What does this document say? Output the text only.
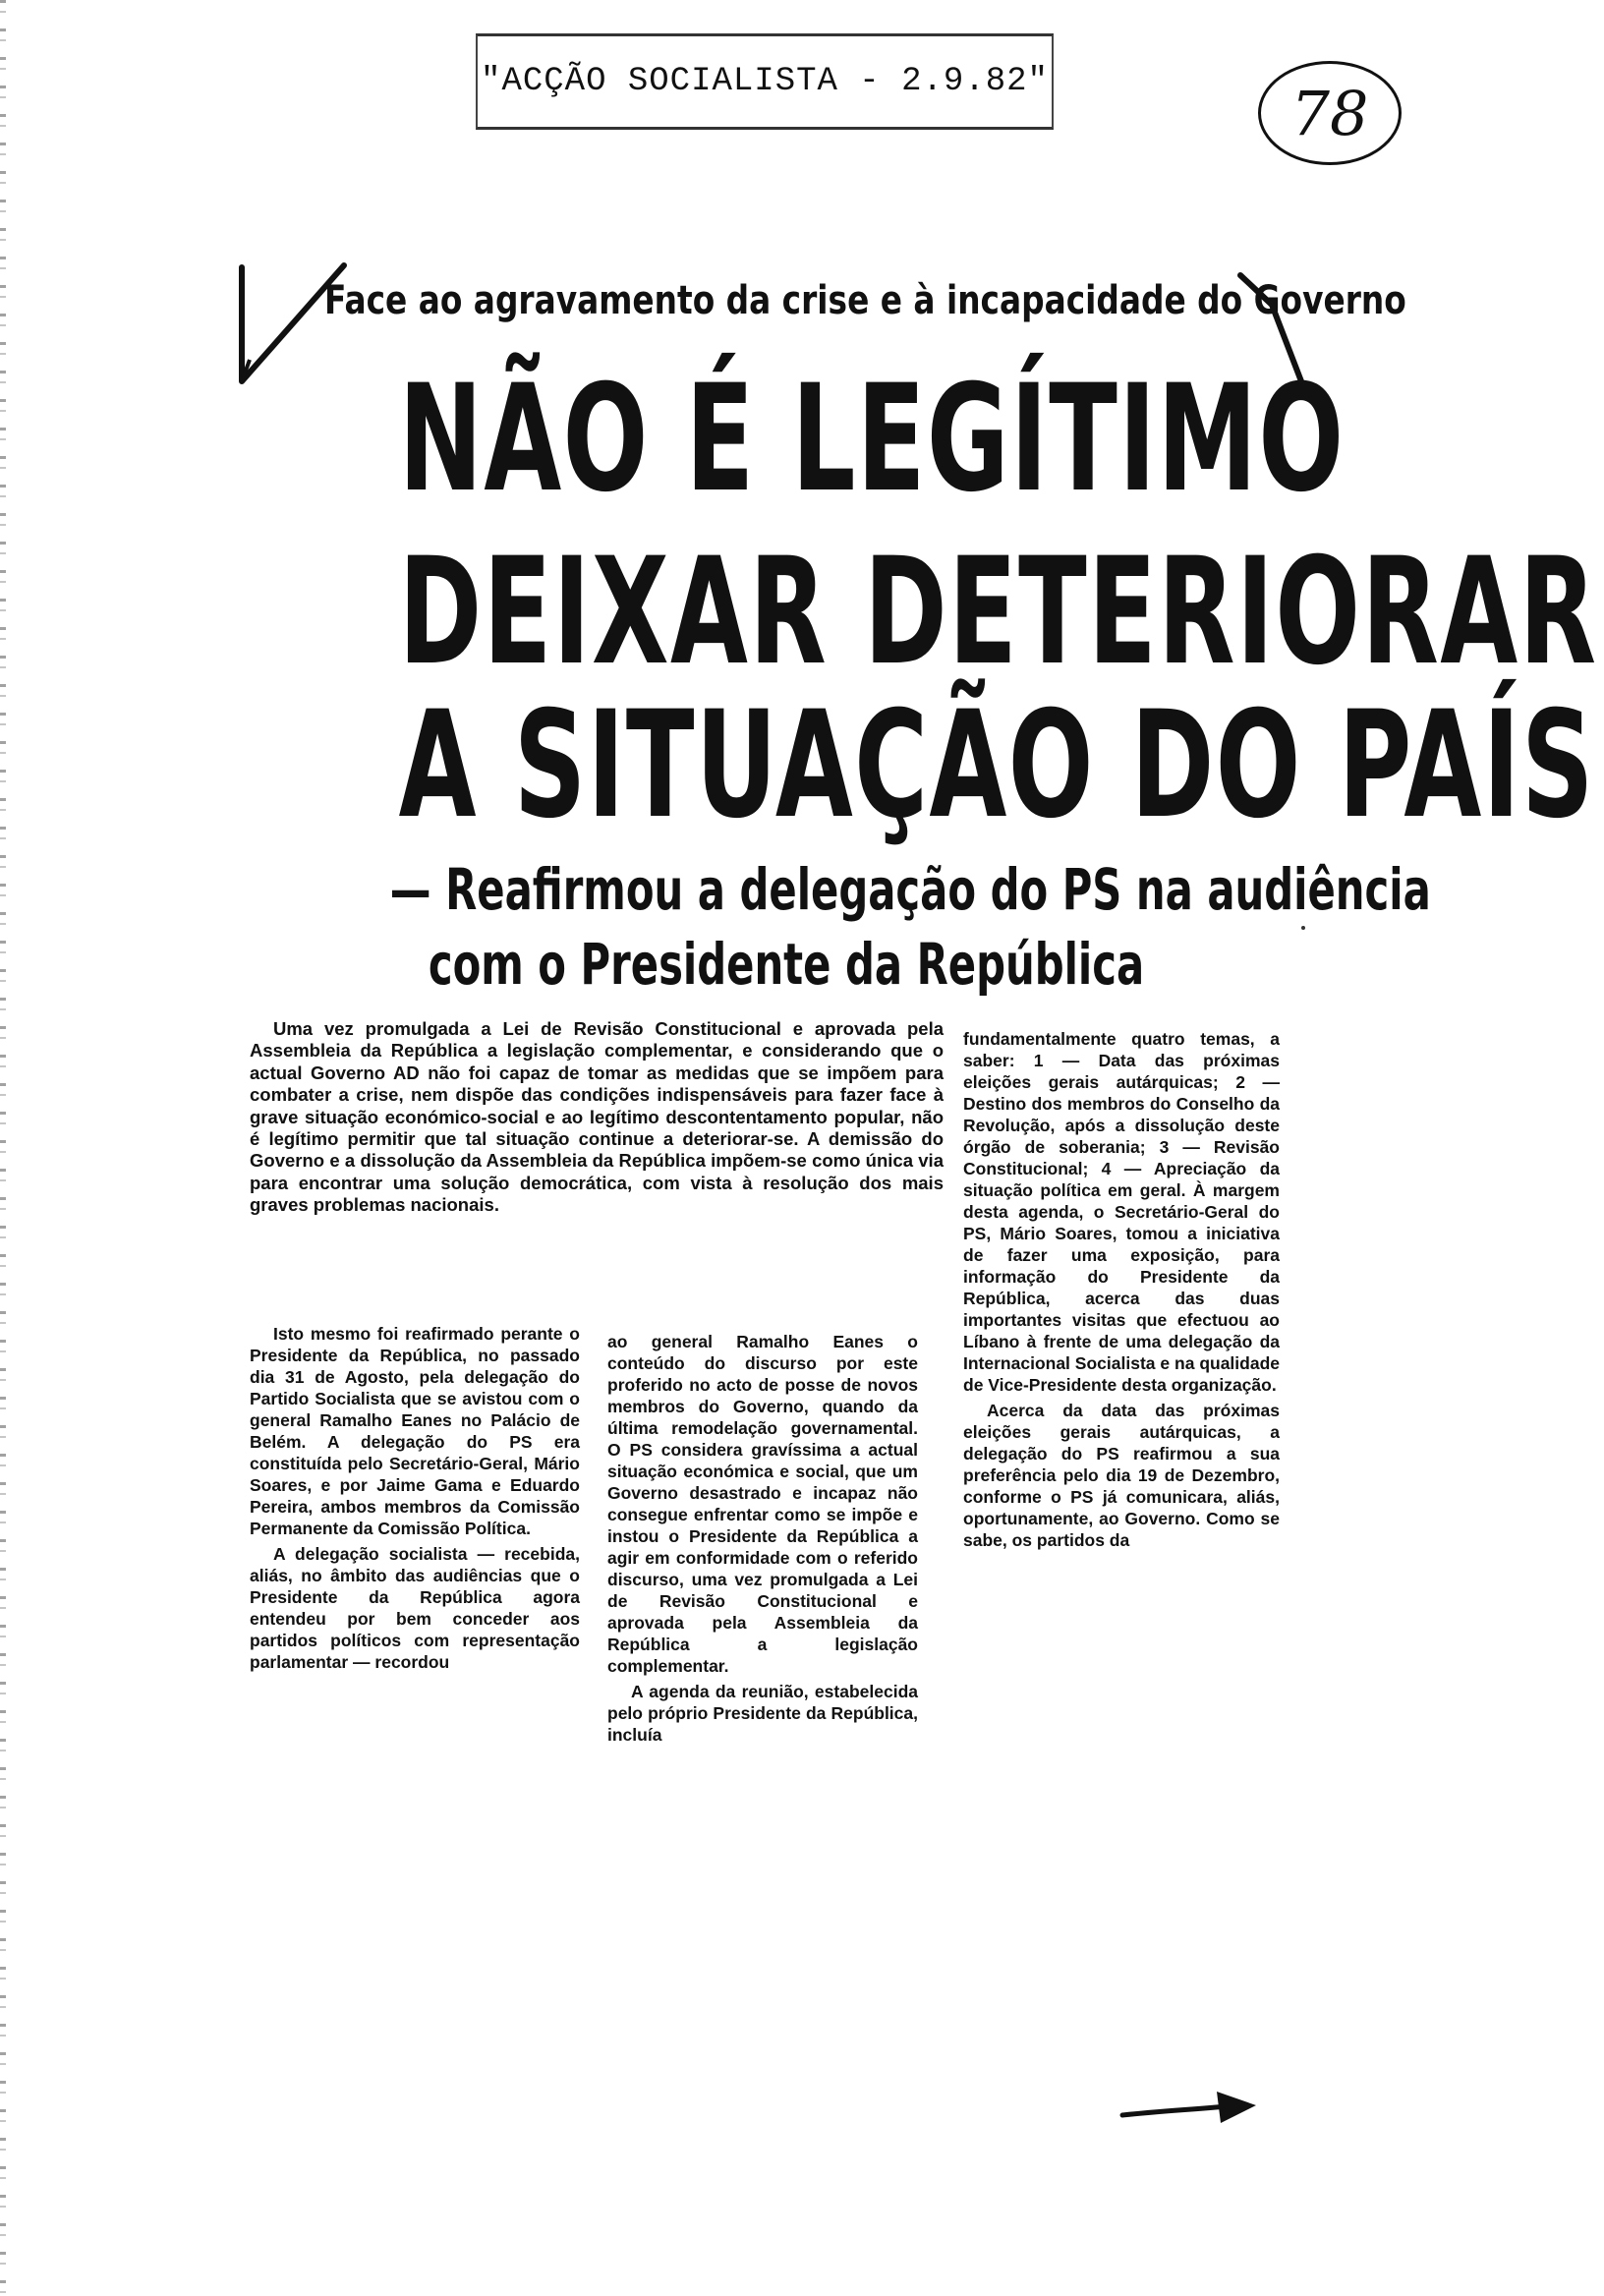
"ACÇÃO SOCIALISTA - 2.9.82"	78
Face ao agravamento da crise e à incapacidade do Governo
NÃO É LEGÍTIMO
DEIXAR DETERIORAR
A SITUAÇÃO DO PAÍS
— Reafirmou a delegação do PS na audiência
com o Presidente da República

Uma vez promulgada a Lei de Revisão Constitucional e aprovada pela Assembleia da República a legislação complementar, e considerando que o actual Governo AD não foi capaz de tomar as medidas que se impõem para combater a crise, nem dispõe das condições indispensáveis para fazer face à grave situação económico-social e ao legítimo descontentamento popular, não é legítimo permitir que tal situação continue a deteriorar-se. A demissão do Governo e a dissolução da Assembleia da República impõem-se como única via para encontrar uma solução democrática, com vista à resolução dos mais graves problemas nacionais.

Isto mesmo foi reafirmado perante o Presidente da República, no passado dia 31 de Agosto, pela delegação do Partido Socialista que se avistou com o general Ramalho Eanes no Palácio de Belém. A delegação do PS era constituída pelo Secretário-Geral, Mário Soares, e por Jaime Gama e Eduardo Pereira, ambos membros da Comissão Permanente da Comissão Política.

A delegação socialista — recebida, aliás, no âmbito das audiências que o Presidente da República agora entendeu por bem conceder aos partidos políticos com representação parlamentar — recordou

ao general Ramalho Eanes o conteúdo do discurso por este proferido no acto de posse de novos membros do Governo, quando da última remodelação governamental. O PS considera gravíssima a actual situação económica e social, que um Governo desastrado e incapaz não consegue enfrentar como se impõe e instou o Presidente da República a agir em conformidade com o referido discurso, uma vez promulgada a Lei de Revisão Constitucional e aprovada pela Assembleia da República a legislação complementar.

A agenda da reunião, estabelecida pelo próprio Presidente da República, incluía

fundamentalmente quatro temas, a saber: 1 — Data das próximas eleições gerais autárquicas; 2 — Destino dos membros do Conselho da Revolução, após a dissolução deste órgão de soberania; 3 — Revisão Constitucional; 4 — Apreciação da situação política em geral. À margem desta agenda, o Secretário-Geral do PS, Mário Soares, tomou a iniciativa de fazer uma exposição, para informação do Presidente da República, acerca das duas importantes visitas que efectuou ao Líbano à frente de uma delegação da Internacional Socialista e na qualidade de Vice-Presidente desta organização.

Acerca da data das próximas eleições gerais autárquicas, a delegação do PS reafirmou a sua preferência pelo dia 19 de Dezembro, conforme o PS já comunicara, aliás, oportunamente, ao Governo. Como se sabe, os partidos da
